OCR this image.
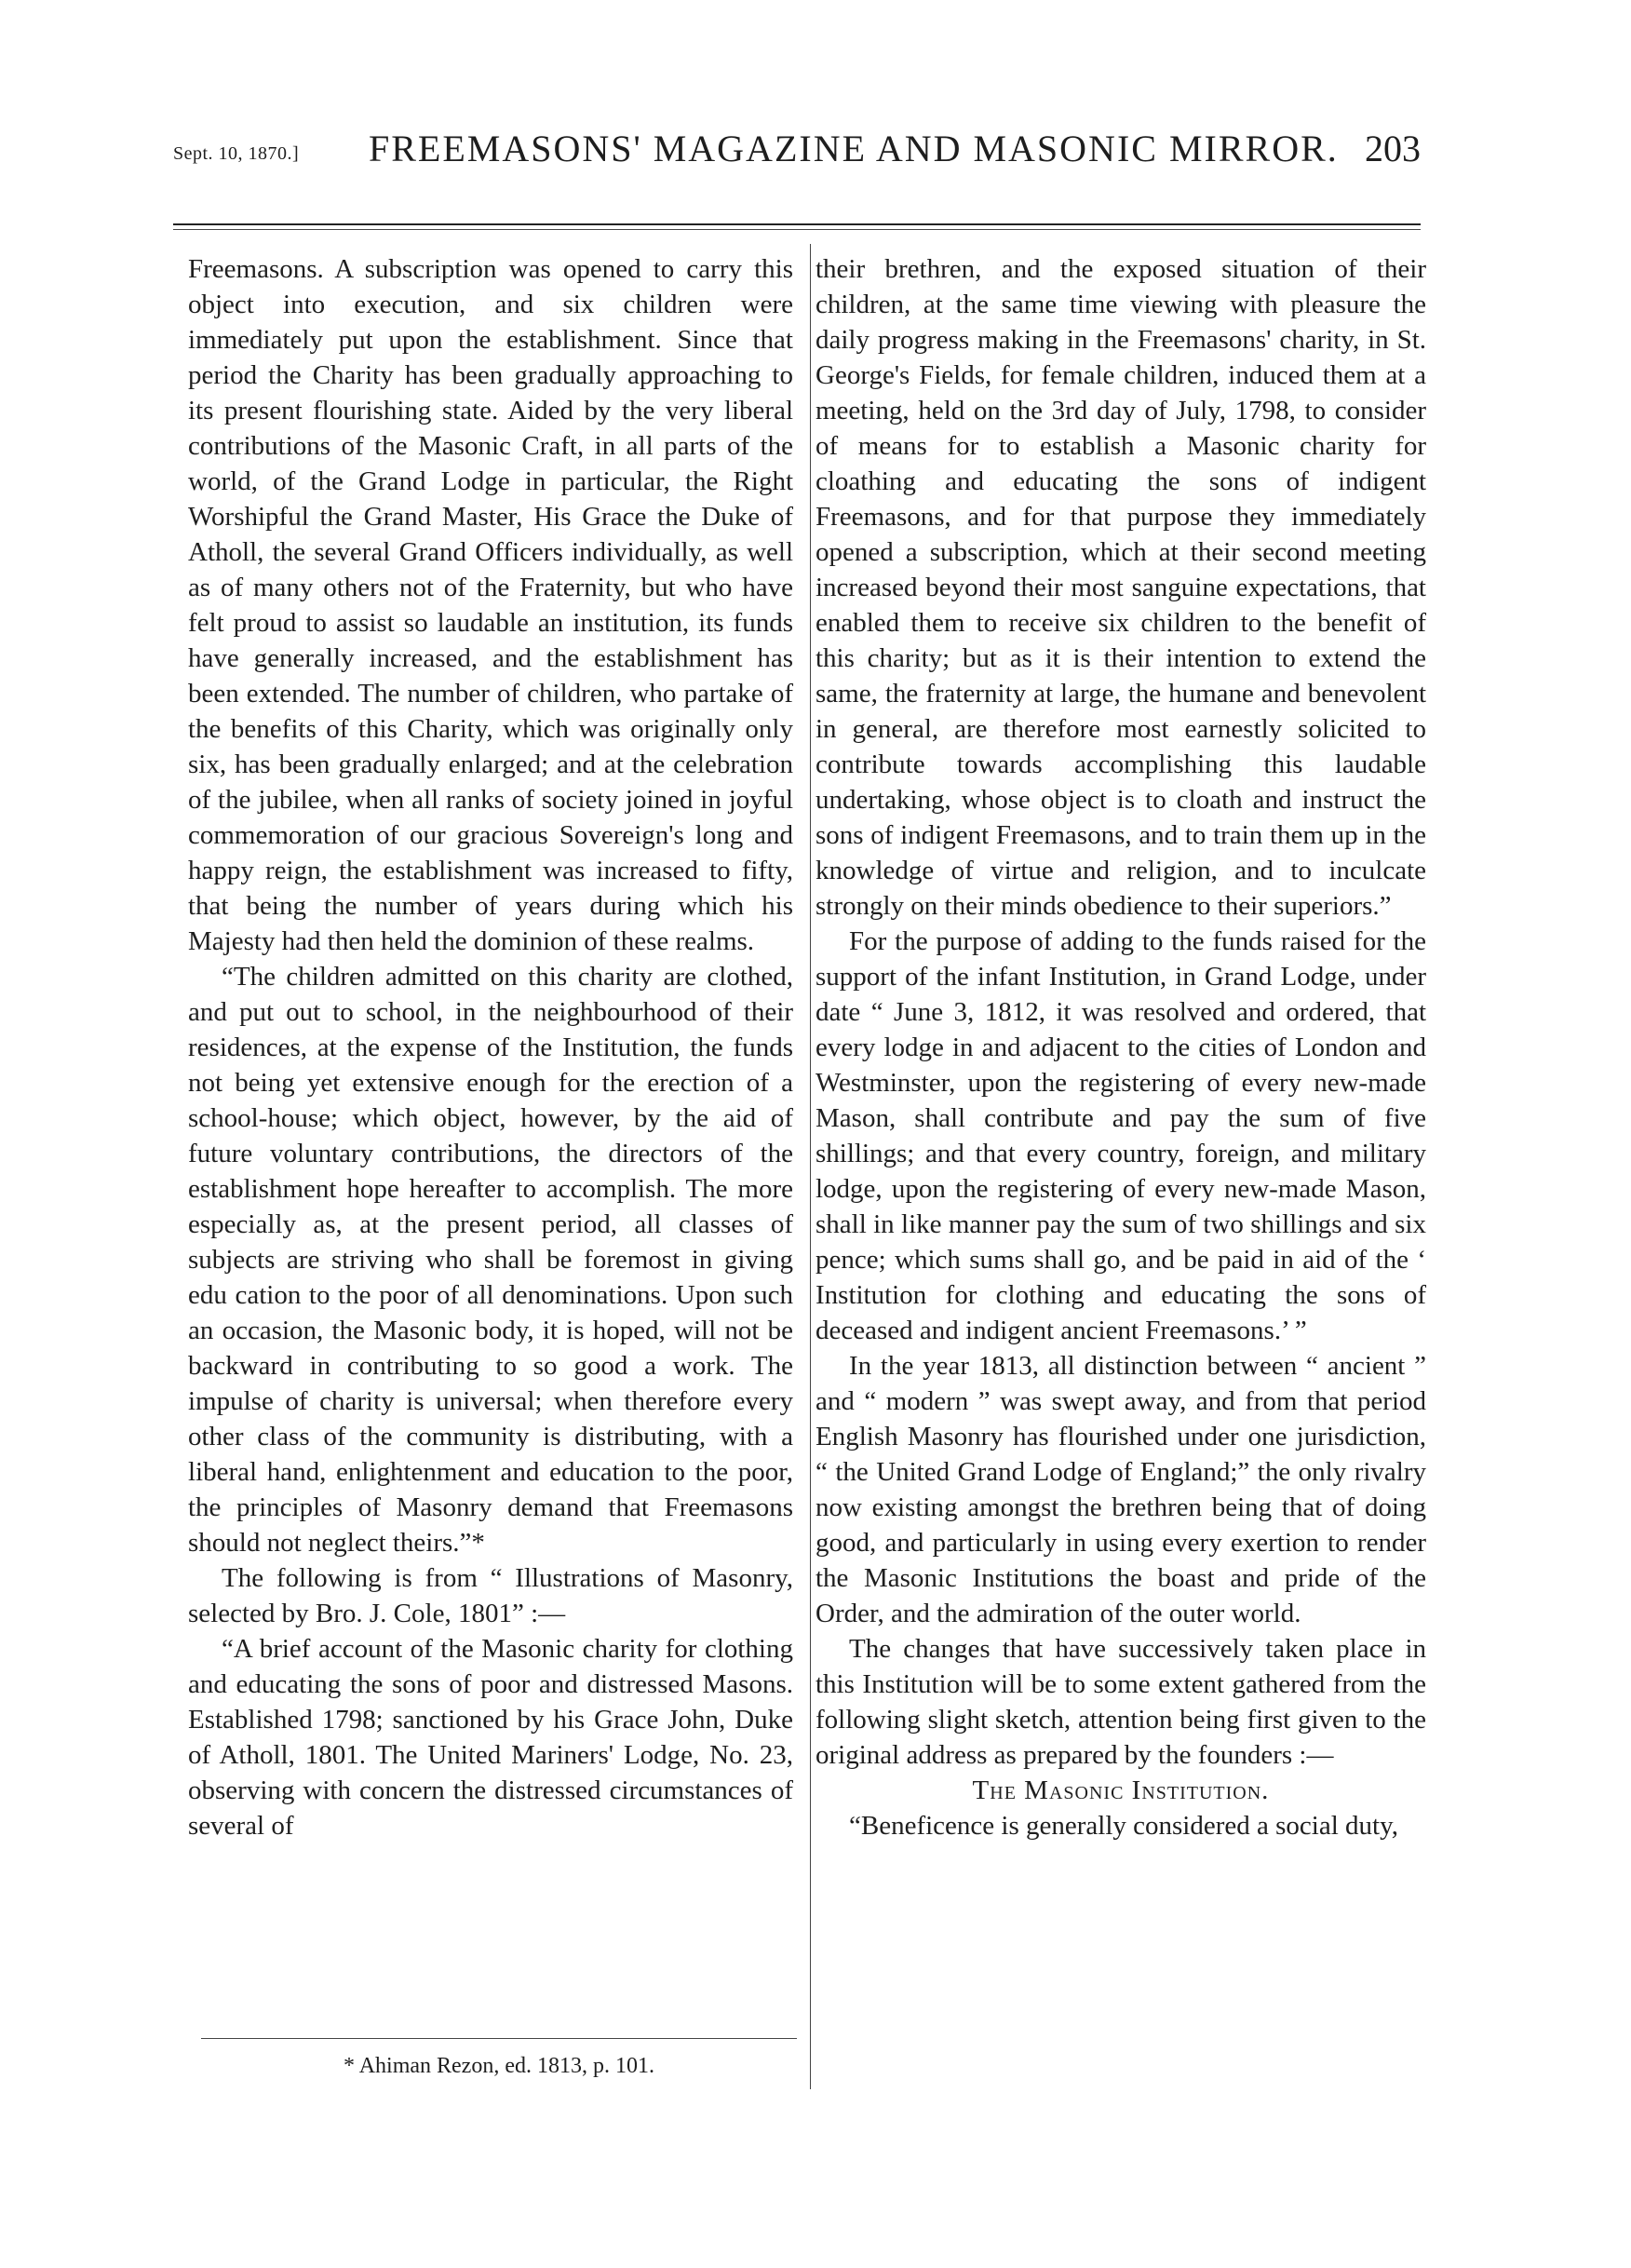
Sept. 10, 1870.] FREEMASONS' MAGAZINE AND MASONIC MIRROR. 203

Freemasons. A subscription was opened to carry this object into execution, and six children were immediately put upon the establishment. Since that period the Charity has been gradually approaching to its present flourishing state. Aided by the very liberal contributions of the Masonic Craft, in all parts of the world, of the Grand Lodge in particular, the Right Worshipful the Grand Master, His Grace the Duke of Atholl, the several Grand Officers individually, as well as of many others not of the Fraternity, but who have felt proud to assist so laudable an institution, its funds have generally increased, and the establishment has been extended. The number of children, who partake of the benefits of this Charity, which was originally only six, has been gradually enlarged; and at the celebration of the jubilee, when all ranks of society joined in joyful commemoration of our gracious Sovereign's long and happy reign, the establishment was increased to fifty, that being the number of years during which his Majesty had then held the dominion of these realms.

“The children admitted on this charity are clothed, and put out to school, in the neighbourhood of their residences, at the expense of the Institution, the funds not being yet extensive enough for the erection of a school-house; which object, however, by the aid of future voluntary contributions, the directors of the establishment hope hereafter to accomplish. The more especially as, at the present period, all classes of subjects are striving who shall be foremost in giving edu cation to the poor of all denominations. Upon such an occasion, the Masonic body, it is hoped, will not be backward in contributing to so good a work. The impulse of charity is universal; when therefore every other class of the community is distributing, with a liberal hand, enlightenment and education to the poor, the principles of Masonry demand that Freemasons should not neglect theirs.”*

The following is from “ Illustrations of Masonry, selected by Bro. J. Cole, 1801” :—

“A brief account of the Masonic charity for clothing and educating the sons of poor and distressed Masons. Established 1798; sanctioned by his Grace John, Duke of Atholl, 1801. The United Mariners' Lodge, No. 23, observing with concern the distressed circumstances of several of

* Ahiman Rezon, ed. 1813, p. 101.

their brethren, and the exposed situation of their children, at the same time viewing with pleasure the daily progress making in the Freemasons' charity, in St. George's Fields, for female children, induced them at a meeting, held on the 3rd day of July, 1798, to consider of means for to establish a Masonic charity for cloathing and educating the sons of indigent Freemasons, and for that purpose they immediately opened a subscription, which at their second meeting increased beyond their most sanguine expectations, that enabled them to receive six children to the benefit of this charity; but as it is their intention to extend the same, the fraternity at large, the humane and benevolent in general, are therefore most earnestly solicited to contribute towards accomplishing this laudable undertaking, whose object is to cloath and instruct the sons of indigent Freemasons, and to train them up in the knowledge of virtue and religion, and to inculcate strongly on their minds obedience to their superiors.”

For the purpose of adding to the funds raised for the support of the infant Institution, in Grand Lodge, under date “ June 3, 1812, it was resolved and ordered, that every lodge in and adjacent to the cities of London and Westminster, upon the registering of every new-made Mason, shall contribute and pay the sum of five shillings; and that every country, foreign, and military lodge, upon the registering of every new-made Mason, shall in like manner pay the sum of two shillings and six pence; which sums shall go, and be paid in aid of the ‘ Institution for clothing and educating the sons of deceased and indigent ancient Freemasons.’ ”

In the year 1813, all distinction between “ ancient ” and “ modern ” was swept away, and from that period English Masonry has flourished under one jurisdiction, “ the United Grand Lodge of England;” the only rivalry now existing amongst the brethren being that of doing good, and particularly in using every exertion to render the Masonic Institutions the boast and pride of the Order, and the admiration of the outer world.

The changes that have successively taken place in this Institution will be to some extent gathered from the following slight sketch, attention being first given to the original address as prepared by the founders :—

The Masonic Institution.

“Beneficence is generally considered a social duty,
